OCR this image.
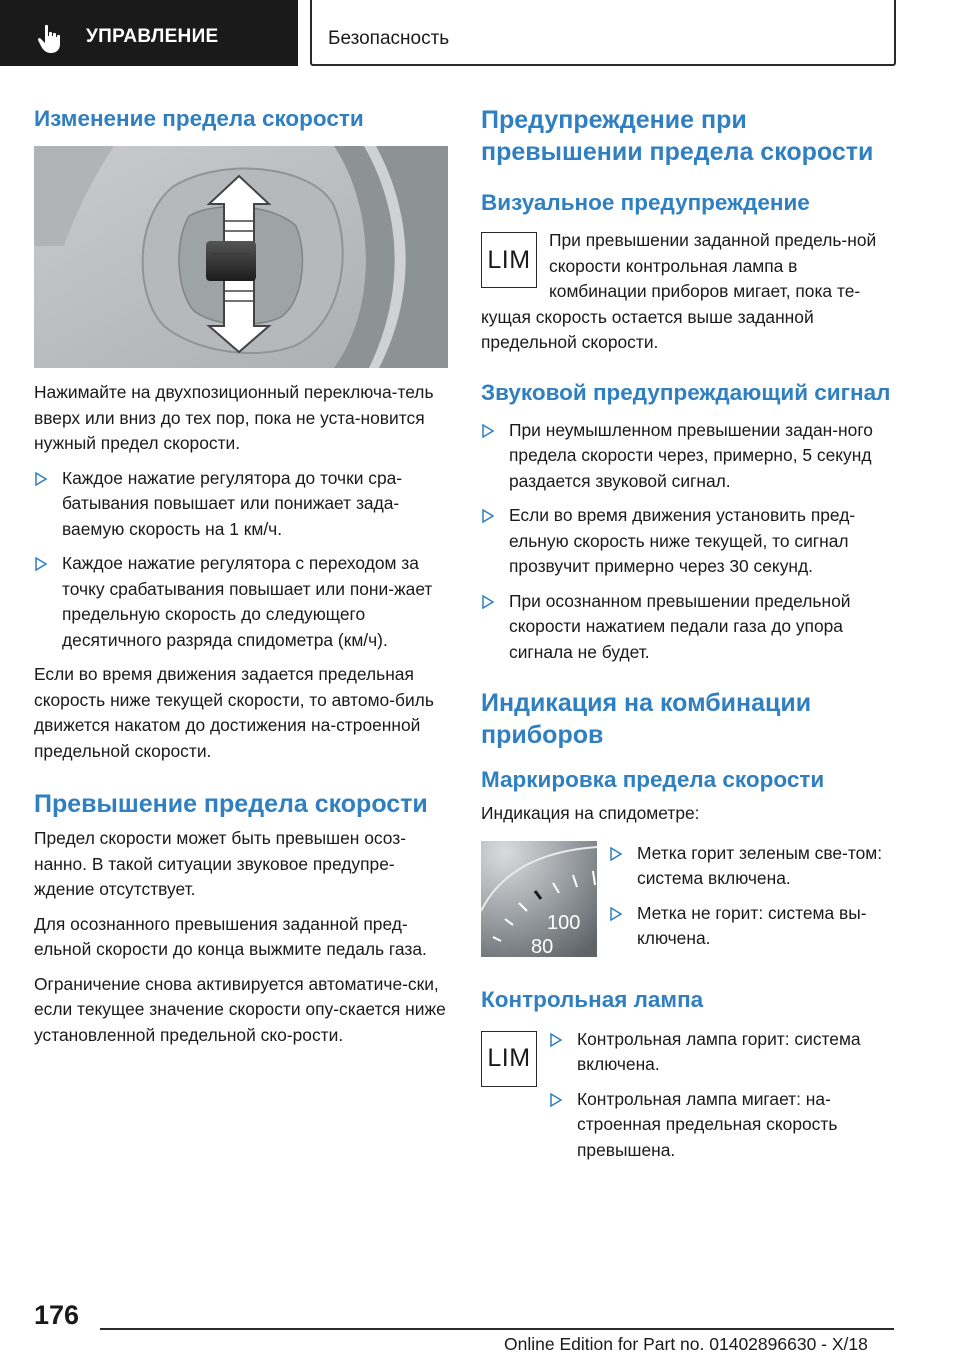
УПРАВЛЕНИЕ	Безопасность
Изменение предела скорости
Нажимайте на двухпозиционный переключа-тель вверх или вниз до тех пор, пока не уста-новится нужный предел скорости.
Каждое нажатие регулятора до точки сра-батывания повышает или понижает зада-ваемую скорость на 1 км/ч.
Каждое нажатие регулятора с переходом за точку срабатывания повышает или пони-жает предельную скорость до следующего десятичного разряда спидометра (км/ч).
Если во время движения задается предельная скорость ниже текущей скорости, то автомо-биль движется накатом до достижения на-строенной предельной скорости.
Превышение предела скорости
Предел скорости может быть превышен осоз-нанно. В такой ситуации звуковое предупре-ждение отсутствует.
Для осознанного превышения заданной пред-ельной скорости до конца выжмите педаль газа.
Ограничение снова активируется автоматиче-ски, если текущее значение скорости опу-скается ниже установленной предельной ско-рости.
Предупреждение при превышении предела скорости
Визуальное предупреждение
LIM
При превышении заданной предель-ной скорости контрольная лампа в комбинации приборов мигает, пока те-кущая скорость остается выше заданной предельной скорости.
Звуковой предупреждающий сигнал
При неумышленном превышении задан-ного предела скорости через, примерно, 5 секунд раздается звуковой сигнал.
Если во время движения установить пред-ельную скорость ниже текущей, то сигнал прозвучит примерно через 30 секунд.
При осознанном превышении предельной скорости нажатием педали газа до упора сигнала не будет.
Индикация на комбинации приборов
Маркировка предела скорости
Индикация на спидометре:
100
80
Метка горит зеленым све-том: система включена.
Метка не горит: система вы-ключена.
Контрольная лампа
LIM
Контрольная лампа горит: система включена.
Контрольная лампа мигает: на-строенная предельная скорость превышена.
176
Online Edition for Part no. 01402896630 - X/18
